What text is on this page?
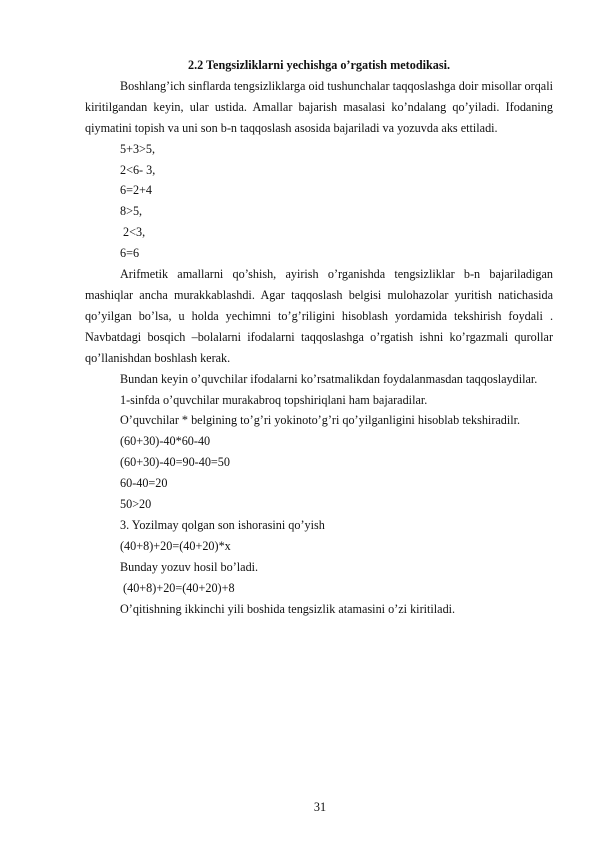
2.2 Tengsizliklarni yechishga o’rgatish metodikasi.

Boshlang’ich sinflarda tengsizliklarga oid tushunchalar taqqoslashga doir misollar orqali kiritilgandan keyin, ular ustida. Amallar bajarish masalasi ko’ndalang qo’yiladi. Ifodaning qiymatini topish va uni son b-n taqqoslash asosida bajariladi va yozuvda aks ettiladi.

5+3>5,

2<6- 3,

6=2+4

8>5,

2<3,

6=6

Arifmetik amallarni qo’shish, ayirish o’rganishda tengsizliklar b-n bajariladigan mashiqlar ancha murakkablashdi. Agar taqqoslash belgisi mulohazolar yuritish natichasida qo’yilgan bo’lsa, u holda yechimni to’g’riligini hisoblash yordamida tekshirish foydali . Navbatdagi bosqich –bolalarni ifodalarni taqqoslashga o’rgatish ishni ko’rgazmali qurollar qo’llanishdan boshlash kerak.

Bundan keyin o’quvchilar ifodalarni ko’rsatmalikdan foydalanmasdan taqqoslaydilar.

1-sinfda o’quvchilar murakabroq topshiriqlani ham bajaradilar.

O’quvchilar * belgining to’g’ri yokinoto’g’ri qo’yilganligini hisoblab tekshiradilr.

(60+30)-40*60-40

(60+30)-40=90-40=50

60-40=20

50>20

3. Yozilmay qolgan son ishorasini qo’yish

(40+8)+20=(40+20)*x

Bunday yozuv hosil bo’ladi.

(40+8)+20=(40+20)+8

O’qitishning ikkinchi yili boshida tengsizlik atamasini o’zi kiritiladi.

31
